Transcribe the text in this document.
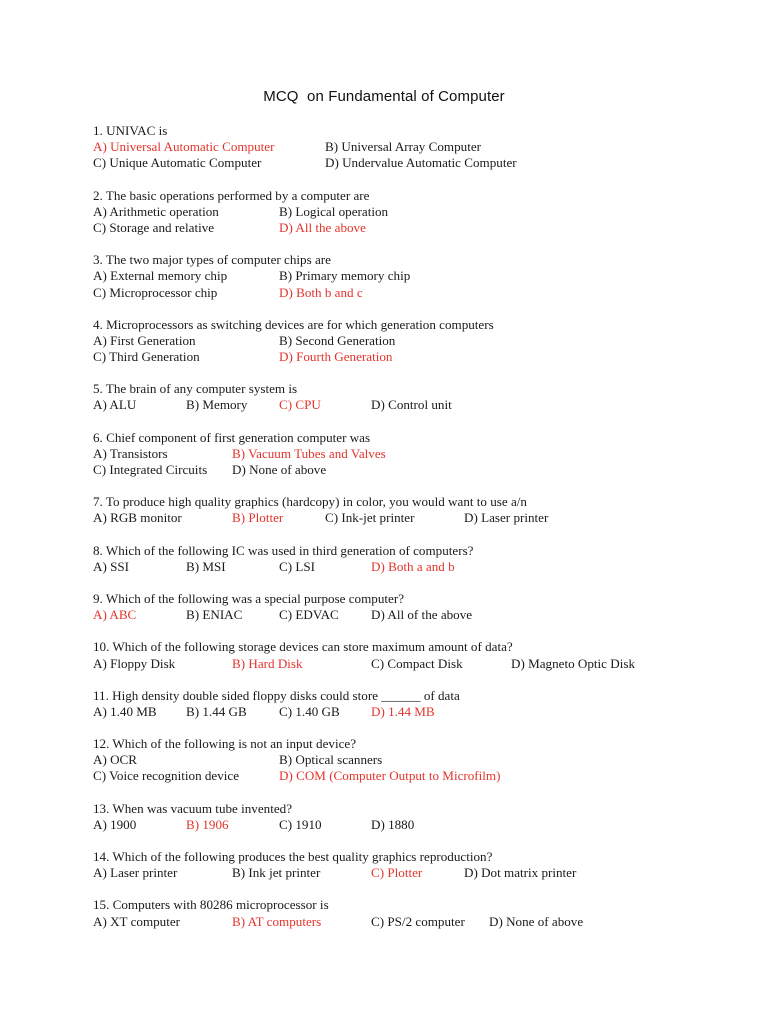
MCQ  on Fundamental of Computer
1. UNIVAC is
A) Universal Automatic Computer	B) Universal Array Computer
C) Unique Automatic Computer	D) Undervalue Automatic Computer
2. The basic operations performed by a computer are
A) Arithmetic operation	B) Logical operation
C) Storage and relative	D) All the above
3. The two major types of computer chips are
A) External memory chip	B) Primary memory chip
C) Microprocessor chip	D) Both b and c
4. Microprocessors as switching devices are for which generation computers
A) First Generation	B) Second Generation
C) Third Generation	D) Fourth Generation
5. The brain of any computer system is
A) ALU	B) Memory C) CPU	D) Control unit
6. Chief component of first generation computer was
A) Transistors	B) Vacuum Tubes and Valves
C) Integrated Circuits D) None of above
7. To produce high quality graphics (hardcopy) in color, you would want to use a/n
A) RGB monitor	B) Plotter	C) Ink-jet printer	D) Laser printer
8. Which of the following IC was used in third generation of computers?
A) SSI	B) MSI	C) LSI	D) Both a and b
9. Which of the following was a special purpose computer?
A) ABC	B) ENIAC	C) EDVAC D) All of the above
10. Which of the following storage devices can store maximum amount of data?
A) Floppy Disk	B) Hard Disk	C) Compact Disk	D) Magneto Optic Disk
11. High density double sided floppy disks could store ______ of data
A) 1.40 MB B) 1.44 GB C) 1.40 GB D) 1.44 MB
12. Which of the following is not an input device?
A) OCR	B) Optical scanners
C) Voice recognition device	D) COM (Computer Output to Microfilm)
13. When was vacuum tube invented?
A) 1900	B) 1906	C) 1910	D) 1880
14. Which of the following produces the best quality graphics reproduction?
A) Laser printer	B) Ink jet printer	C) Plotter	D) Dot matrix printer
15. Computers with 80286 microprocessor is
A) XT computer	B) AT computers	C) PS/2 computer D) None of above
